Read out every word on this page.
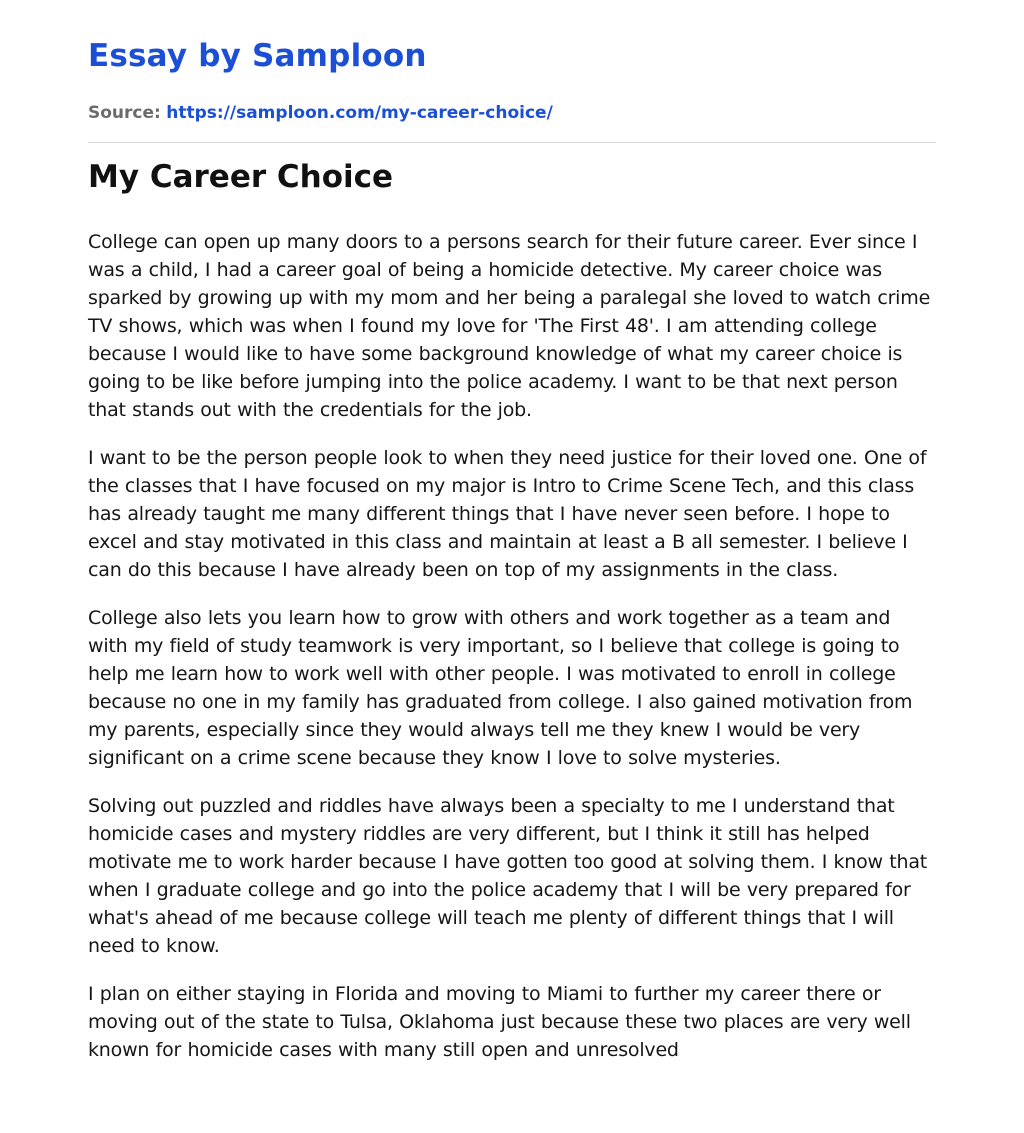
Essay by Samploon
Source: https://samploon.com/my-career-choice/
My Career Choice

College can open up many doors to a persons search for their future career. Ever since I was a child, I had a career goal of being a homicide detective. My career choice was sparked by growing up with my mom and her being a paralegal she loved to watch crime TV shows, which was when I found my love for 'The First 48'. I am attending college because I would like to have some background knowledge of what my career choice is going to be like before jumping into the police academy. I want to be that next person that stands out with the credentials for the job.

I want to be the person people look to when they need justice for their loved one. One of the classes that I have focused on my major is Intro to Crime Scene Tech, and this class has already taught me many different things that I have never seen before. I hope to excel and stay motivated in this class and maintain at least a B all semester. I believe I can do this because I have already been on top of my assignments in the class.

College also lets you learn how to grow with others and work together as a team and with my field of study teamwork is very important, so I believe that college is going to help me learn how to work well with other people. I was motivated to enroll in college because no one in my family has graduated from college. I also gained motivation from my parents, especially since they would always tell me they knew I would be very significant on a crime scene because they know I love to solve mysteries.

Solving out puzzled and riddles have always been a specialty to me I understand that homicide cases and mystery riddles are very different, but I think it still has helped motivate me to work harder because I have gotten too good at solving them. I know that when I graduate college and go into the police academy that I will be very prepared for what's ahead of me because college will teach me plenty of different things that I will need to know.

I plan on either staying in Florida and moving to Miami to further my career there or moving out of the state to Tulsa, Oklahoma just because these two places are very well known for homicide cases with many still open and unresolved
